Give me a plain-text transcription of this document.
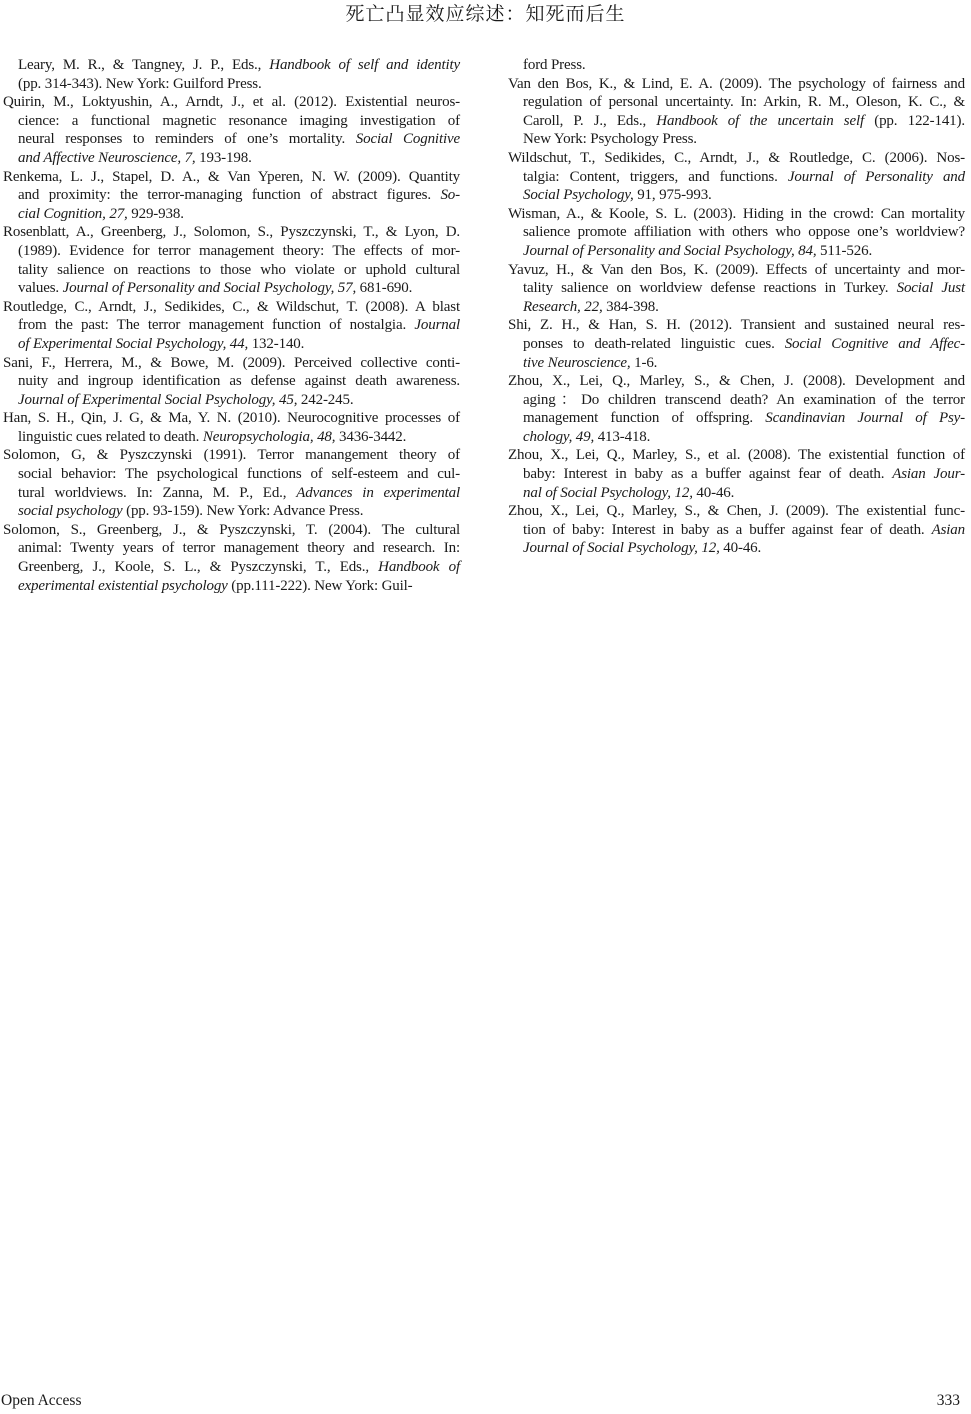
死亡凸显效应综述：知死而后生
Leary, M. R., & Tangney, J. P., Eds., Handbook of self and identity
(pp. 314-343). New York: Guilford Press.
Quirin, M., Loktyushin, A., Arndt, J., et al. (2012). Existential neuros-
cience: a functional magnetic resonance imaging investigation of
neural responses to reminders of one’s mortality. Social Cognitive
and Affective Neuroscience, 7, 193-198.
Renkema, L. J., Stapel, D. A., & Van Yperen, N. W. (2009). Quantity
and proximity: the terror-managing function of abstract figures. So-
cial Cognition, 27, 929-938.
Rosenblatt, A., Greenberg, J., Solomon, S., Pyszczynski, T., & Lyon, D.
(1989). Evidence for terror management theory: The effects of mor-
tality salience on reactions to those who violate or uphold cultural
values. Journal of Personality and Social Psychology, 57, 681-690.
Routledge, C., Arndt, J., Sedikides, C., & Wildschut, T. (2008). A blast
from the past: The terror management function of nostalgia. Journal
of Experimental Social Psychology, 44, 132-140.
Sani, F., Herrera, M., & Bowe, M. (2009). Perceived collective conti-
nuity and ingroup identification as defense against death awareness.
Journal of Experimental Social Psychology, 45, 242-245.
Han, S. H., Qin, J. G, & Ma, Y. N. (2010). Neurocognitive processes of
linguistic cues related to death. Neuropsychologia, 48, 3436-3442.
Solomon, G, & Pyszczynski (1991). Terror manangement theory of
social behavior: The psychological functions of self-esteem and cul-
tural worldviews. In: Zanna, M. P., Ed., Advances in experimental
social psychology (pp. 93-159). New York: Advance Press.
Solomon, S., Greenberg, J., & Pyszczynski, T. (2004). The cultural
animal: Twenty years of terror management theory and research. In:
Greenberg, J., Koole, S. L., & Pyszczynski, T., Eds., Handbook of
experimental existential psychology (pp.111-222). New York: Guil-
ford Press.
Van den Bos, K., & Lind, E. A. (2009). The psychology of fairness and
regulation of personal uncertainty. In: Arkin, R. M., Oleson, K. C., &
Caroll, P. J., Eds., Handbook of the uncertain self (pp. 122-141).
New York: Psychology Press.
Wildschut, T., Sedikides, C., Arndt, J., & Routledge, C. (2006). Nos-
talgia: Content, triggers, and functions. Journal of Personality and
Social Psychology, 91, 975-993.
Wisman, A., & Koole, S. L. (2003). Hiding in the crowd: Can mortality
salience promote affiliation with others who oppose one’s worldview?
Journal of Personality and Social Psychology, 84, 511-526.
Yavuz, H., & Van den Bos, K. (2009). Effects of uncertainty and mor-
tality salience on worldview defense reactions in Turkey. Social Just
Research, 22, 384-398.
Shi, Z. H., & Han, S. H. (2012). Transient and sustained neural res-
ponses to death-related linguistic cues. Social Cognitive and Affec-
tive Neuroscience, 1-6.
Zhou, X., Lei, Q., Marley, S., & Chen, J. (2008). Development and
aging：Do children transcend death? An examination of the terror
management function of offspring. Scandinavian Journal of Psy-
chology, 49, 413-418.
Zhou, X., Lei, Q., Marley, S., et al. (2008). The existential function of
baby: Interest in baby as a buffer against fear of death. Asian Jour-
nal of Social Psychology, 12, 40-46.
Zhou, X., Lei, Q., Marley, S., & Chen, J. (2009). The existential func-
tion of baby: Interest in baby as a buffer against fear of death. Asian
Journal of Social Psychology, 12, 40-46.
Open Access	333
